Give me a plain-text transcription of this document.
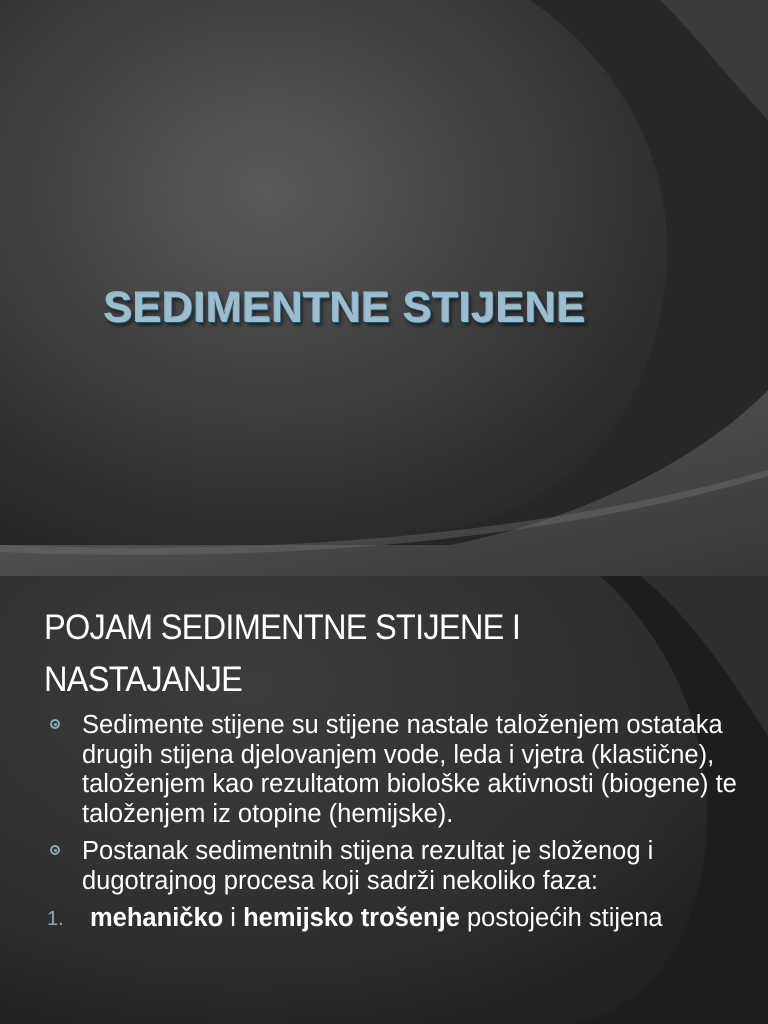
SEDIMENTNE STIJENE
POJAM SEDIMENTNE STIJENE I NASTAJANJE
Sedimente stijene su stijene nastale taloženjem ostataka drugih stijena djelovanjem vode, leda i vjetra (klastične), taloženjem kao rezultatom biološke aktivnosti (biogene) te taloženjem iz otopine (hemijske).
Postanak sedimentnih stijena rezultat je složenog i dugotrajnog procesa koji sadrži nekoliko faza:
1. mehaničko i hemijsko trošenje postojećih stijena
